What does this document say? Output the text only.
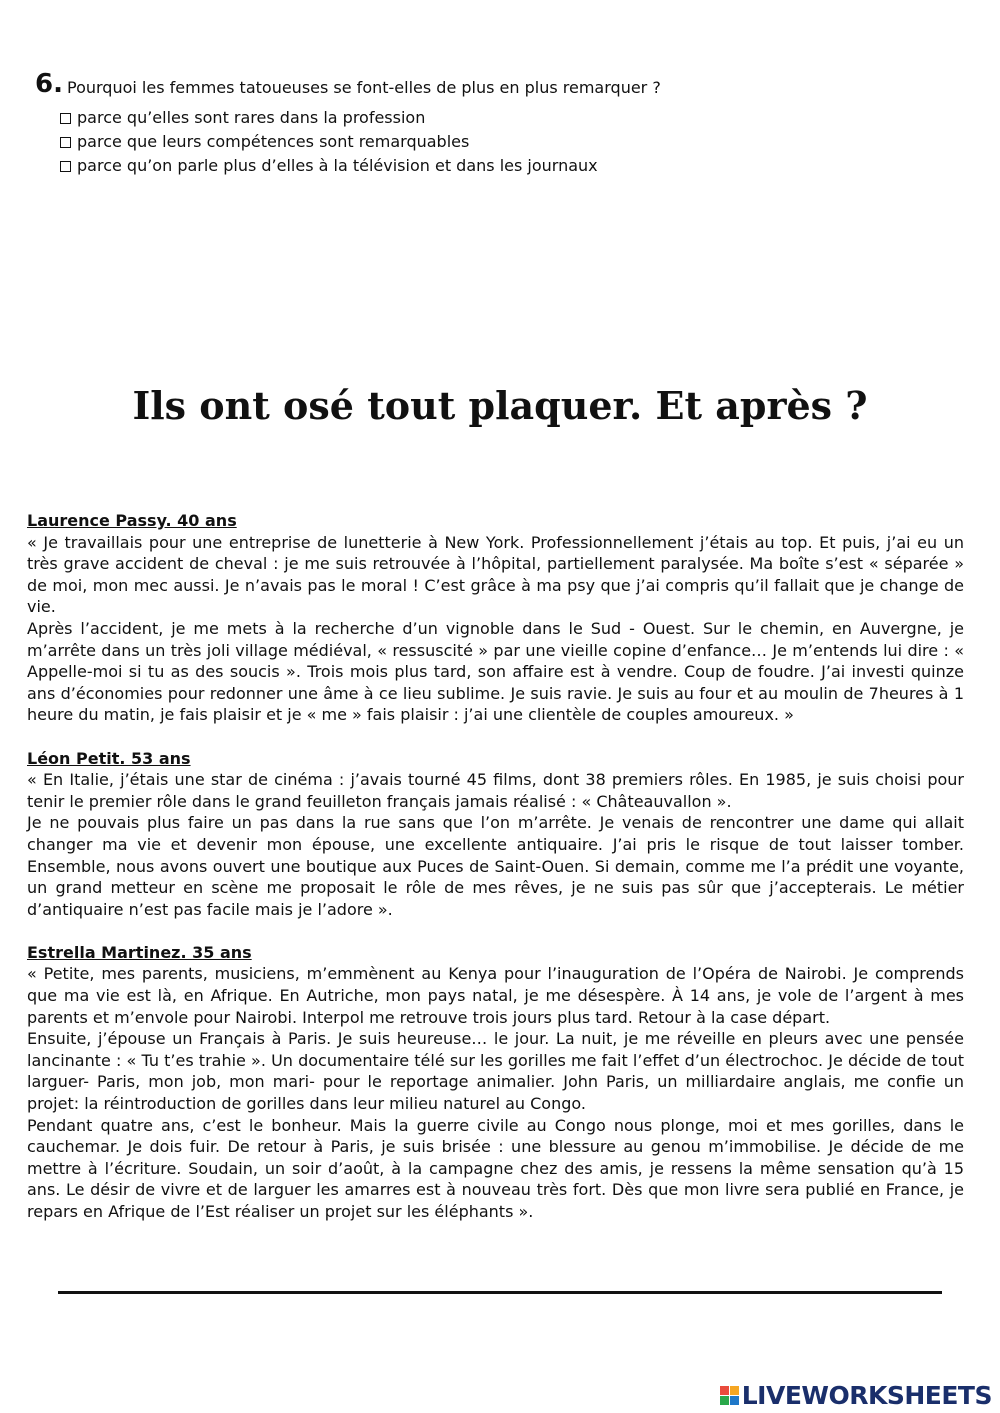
6. Pourquoi les femmes tatoueuses se font-elles de plus en plus remarquer ?
parce qu’elles sont rares dans la profession
parce que leurs compétences sont remarquables
parce qu’on parle plus d’elles à la télévision et dans les journaux
Ils ont osé tout plaquer. Et après ?
Laurence Passy. 40 ans

« Je travaillais pour une entreprise de lunetterie à New York. Professionnellement j’étais au top. Et puis, j’ai eu un très grave accident de cheval : je me suis retrouvée à l’hôpital, partiellement paralysée. Ma boîte s’est « séparée » de moi, mon mec aussi. Je n’avais pas le moral ! C’est grâce à ma psy que j’ai compris qu’il fallait que je change de vie.

Après l’accident, je me mets à la recherche d’un vignoble dans le Sud - Ouest. Sur le chemin, en Auvergne, je m’arrête dans un très joli village médiéval, « ressuscité » par une vieille copine d’enfance… Je m’entends lui dire : « Appelle-moi si tu as des soucis ». Trois mois plus tard, son affaire est à vendre. Coup de foudre. J’ai investi quinze ans d’économies pour redonner une âme à ce lieu sublime. Je suis ravie. Je suis au four et au moulin de 7heures à 1 heure du matin, je fais plaisir et je « me » fais plaisir : j’ai une clientèle de couples amoureux. »

Léon Petit. 53 ans

« En Italie, j’étais une star de cinéma : j’avais tourné 45 films, dont 38 premiers rôles. En 1985, je suis choisi pour tenir le premier rôle dans le grand feuilleton français jamais réalisé : « Châteauvallon ».

Je ne pouvais plus faire un pas dans la rue sans que l’on m’arrête. Je venais de rencontrer une dame qui allait changer ma vie et devenir mon épouse, une excellente antiquaire. J’ai pris le risque de tout laisser tomber. Ensemble, nous avons ouvert une boutique aux Puces de Saint-Ouen. Si demain, comme me l’a prédit une voyante, un grand metteur en scène me proposait le rôle de mes rêves, je ne suis pas sûr que j’accepterais. Le métier d’antiquaire n’est pas facile mais je l’adore ».

Estrella Martinez. 35 ans

« Petite, mes parents, musiciens, m’emmènent au Kenya pour l’inauguration de l’Opéra de Nairobi. Je comprends que ma vie est là, en Afrique. En Autriche, mon pays natal, je me désespère. À 14 ans, je vole de l’argent à mes parents et m’envole pour Nairobi. Interpol me retrouve trois jours plus tard. Retour à la case départ.

Ensuite, j’épouse un Français à Paris. Je suis heureuse… le jour. La nuit, je me réveille en pleurs avec une pensée lancinante : « Tu t’es trahie ». Un documentaire télé sur les gorilles me fait l’effet d’un électrochoc. Je décide de tout larguer- Paris, mon job, mon mari- pour le reportage animalier. John Paris, un milliardaire anglais, me confie un projet: la réintroduction de gorilles dans leur milieu naturel au Congo.

Pendant quatre ans, c’est le bonheur. Mais la guerre civile au Congo nous plonge, moi et mes gorilles, dans le cauchemar. Je dois fuir. De retour à Paris, je suis brisée : une blessure au genou m’immobilise. Je décide de me mettre à l’écriture. Soudain, un soir d’août, à la campagne chez des amis, je ressens la même sensation qu’à 15 ans. Le désir de vivre et de larguer les amarres est à nouveau très fort. Dès que mon livre sera publié en France, je repars en Afrique de l’Est réaliser un projet sur les éléphants ».

LIVEWORKSHEETS
